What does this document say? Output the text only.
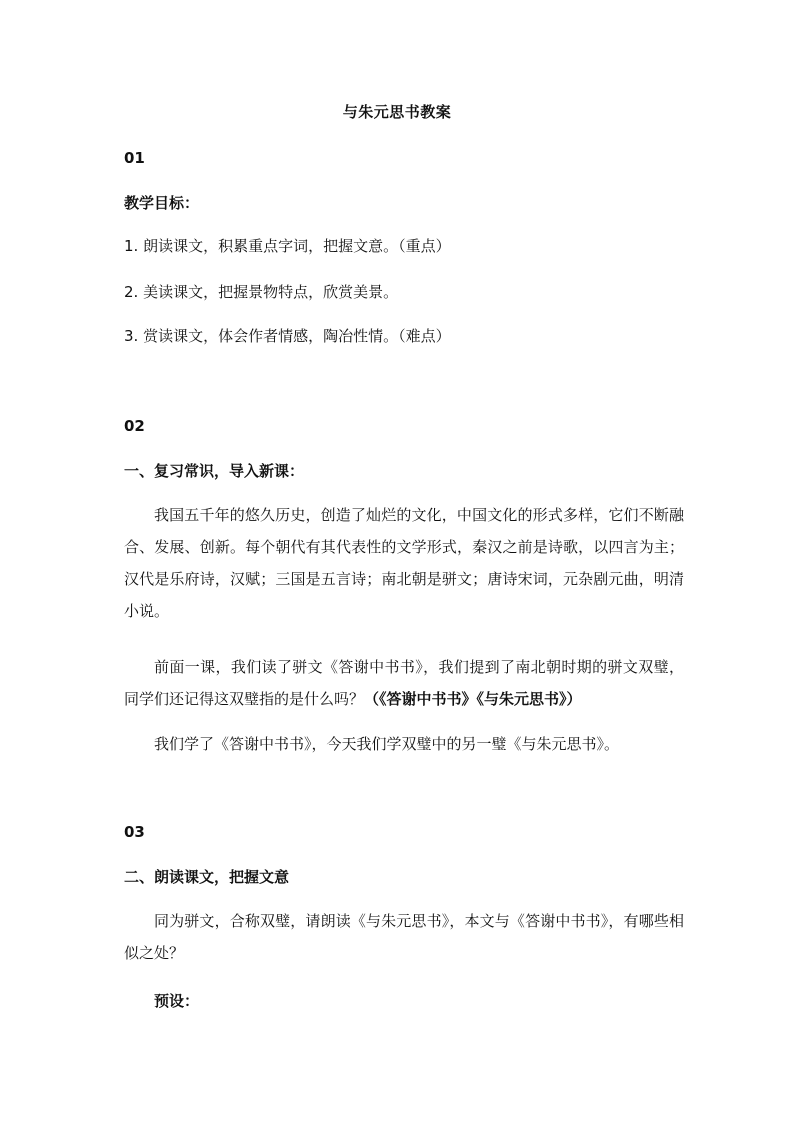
与朱元思书教案
01
教学目标：
1. 朗读课文，积累重点字词，把握文意。（重点）
2. 美读课文，把握景物特点，欣赏美景。
3. 赏读课文，体会作者情感，陶冶性情。（难点）
02
一、复习常识，导入新课：
我国五千年的悠久历史，创造了灿烂的文化，中国文化的形式多样，它们不断融合、发展、创新。每个朝代有其代表性的文学形式，秦汉之前是诗歌，以四言为主；汉代是乐府诗，汉赋；三国是五言诗；南北朝是骈文；唐诗宋词，元杂剧元曲，明清小说。
前面一课，我们读了骈文《答谢中书书》，我们提到了南北朝时期的骈文双璧，同学们还记得这双璧指的是什么吗？（《答谢中书书》《与朱元思书》）
我们学了《答谢中书书》，今天我们学双璧中的另一璧《与朱元思书》。
03
二、朗读课文，把握文意
同为骈文，合称双璧，请朗读《与朱元思书》，本文与《答谢中书书》，有哪些相似之处？
预设：
